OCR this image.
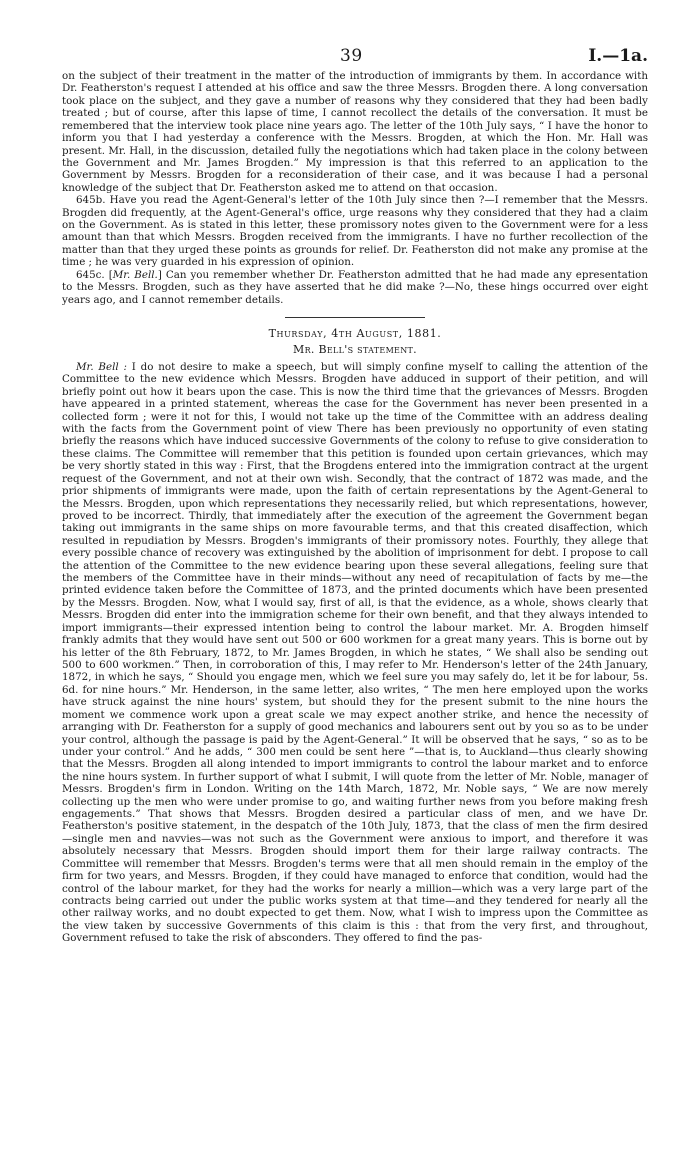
39	I.—1a.

on the subject of their treatment in the matter of the introduction of immigrants by them. In accordance with Dr. Featherston's request I attended at his office and saw the three Messrs. Brogden there. A long conversation took place on the subject, and they gave a number of reasons why they considered that they had been badly treated ; but of course, after this lapse of time, I cannot recollect the details of the conversation. It must be remembered that the interview took place nine years ago. The letter of the 10th July says, “ I have the honor to inform you that I had yesterday a conference with the Messrs. Brogden, at which the Hon. Mr. Hall was present. Mr. Hall, in the discussion, detailed fully the negotiations which had taken place in the colony between the Government and Mr. James Brogden.” My impression is that this referred to an application to the Government by Messrs. Brogden for a reconsideration of their case, and it was because I had a personal knowledge of the subject that Dr. Featherston asked me to attend on that occasion.

645b. Have you read the Agent-General's letter of the 10th July since then ?—I remember that the Messrs. Brogden did frequently, at the Agent-General's office, urge reasons why they considered that they had a claim on the Government. As is stated in this letter, these promissory notes given to the Government were for a less amount than that which Messrs. Brogden received from the immigrants. I have no further recollection of the matter than that they urged these points as grounds for relief. Dr. Featherston did not make any promise at the time ; he was very guarded in his expression of opinion.

645c. [Mr. Bell.] Can you remember whether Dr. Featherston admitted that he had made any epresentation to the Messrs. Brogden, such as they have asserted that he did make ?—No, these hings occurred over eight years ago, and I cannot remember details.

Thursday, 4th August, 1881.
Mr. Bell's statement.

Mr. Bell : I do not desire to make a speech, but will simply confine myself to calling the attention of the Committee to the new evidence which Messrs. Brogden have adduced in support of their petition, and will briefly point out how it bears upon the case. This is now the third time that the grievances of Messrs. Brogden have appeared in a printed statement, whereas the case for the Government has never been presented in a collected form ; were it not for this, I would not take up the time of the Committee with an address dealing with the facts from the Government point of view There has been previously no opportunity of even stating briefly the reasons which have induced successive Governments of the colony to refuse to give consideration to these claims. The Committee will remember that this petition is founded upon certain grievances, which may be very shortly stated in this way : First, that the Brogdens entered into the immigration contract at the urgent request of the Government, and not at their own wish. Secondly, that the contract of 1872 was made, and the prior shipments of immigrants were made, upon the faith of certain representations by the Agent-General to the Messrs. Brogden, upon which representations they necessarily relied, but which representations, however, proved to be incorrect. Thirdly, that immediately after the execution of the agreement the Government began taking out immigrants in the same ships on more favourable terms, and that this created disaffection, which resulted in repudiation by Messrs. Brogden's immigrants of their promissory notes. Fourthly, they allege that every possible chance of recovery was extinguished by the abolition of imprisonment for debt. I propose to call the attention of the Committee to the new evidence bearing upon these several allegations, feeling sure that the members of the Committee have in their minds—without any need of recapitulation of facts by me—the printed evidence taken before the Committee of 1873, and the printed documents which have been presented by the Messrs. Brogden. Now, what I would say, first of all, is that the evidence, as a whole, shows clearly that Messrs. Brogden did enter into the immigration scheme for their own benefit, and that they always intended to import immigrants—their expressed intention being to control the labour market. Mr. A. Brogden himself frankly admits that they would have sent out 500 or 600 workmen for a great many years. This is borne out by his letter of the 8th February, 1872, to Mr. James Brogden, in which he states, “ We shall also be sending out 500 to 600 workmen.” Then, in corroboration of this, I may refer to Mr. Henderson's letter of the 24th January, 1872, in which he says, “ Should you engage men, which we feel sure you may safely do, let it be for labour, 5s. 6d. for nine hours.” Mr. Henderson, in the same letter, also writes, “ The men here employed upon the works have struck against the nine hours' system, but should they for the present submit to the nine hours the moment we commence work upon a great scale we may expect another strike, and hence the necessity of arranging with Dr. Featherston for a supply of good mechanics and labourers sent out by you so as to be under your control, although the passage is paid by the Agent-General.” It will be observed that he says, “ so as to be under your control.” And he adds, “ 300 men could be sent here ”—that is, to Auckland—thus clearly showing that the Messrs. Brogden all along intended to import immigrants to control the labour market and to enforce the nine hours system. In further support of what I submit, I will quote from the letter of Mr. Noble, manager of Messrs. Brogden's firm in London. Writing on the 14th March, 1872, Mr. Noble says, “ We are now merely collecting up the men who were under promise to go, and waiting further news from you before making fresh engagements.” That shows that Messrs. Brogden desired a particular class of men, and we have Dr. Featherston's positive statement, in the despatch of the 10th July, 1873, that the class of men the firm desired—single men and navvies—was not such as the Government were anxious to import, and therefore it was absolutely necessary that Messrs. Brogden should import them for their large railway contracts. The Committee will remember that Messrs. Brogden's terms were that all men should remain in the employ of the firm for two years, and Messrs. Brogden, if they could have managed to enforce that condition, would had the control of the labour market, for they had the works for nearly a million—which was a very large part of the contracts being carried out under the public works system at that time—and they tendered for nearly all the other railway works, and no doubt expected to get them. Now, what I wish to impress upon the Committee as the view taken by successive Governments of this claim is this : that from the very first, and throughout, Government refused to take the risk of absconders. They offered to find the pas-
